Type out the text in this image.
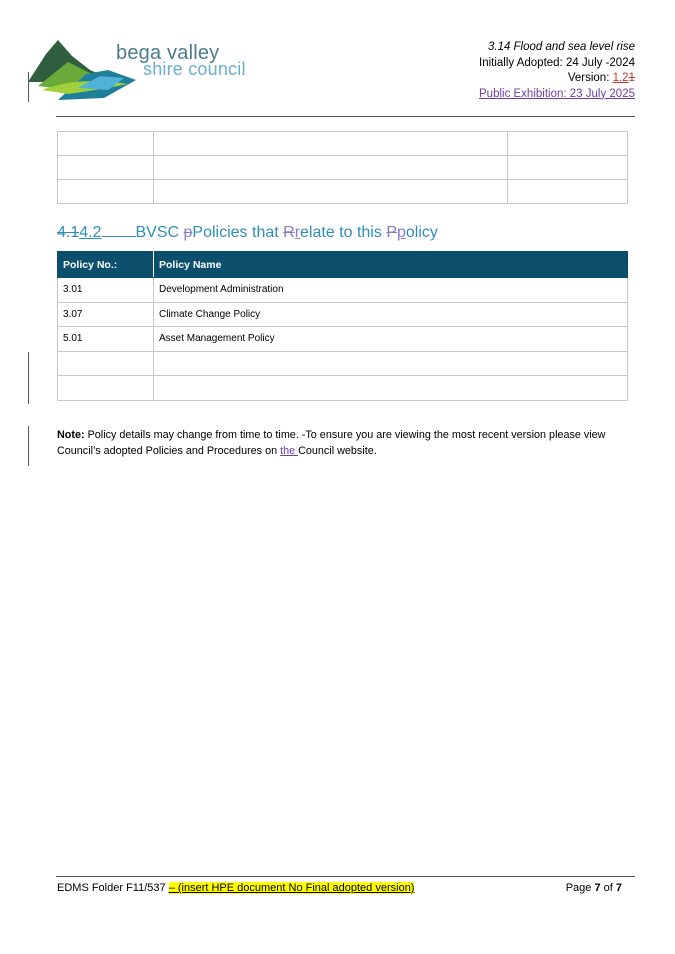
bega valley
shire council
3.14 Flood and sea level rise
Initially Adopted: 24 July -2024
Version: 1.21
Public Exhibition: 23 July 2025

4.14.2 BVSC pPolicies that Rrelate to this Ppolicy
Policy No.:	Policy Name
3.01	Development Administration
3.07	Climate Change Policy
5.01	Asset Management Policy

Note: Policy details may change from time to time. -To ensure you are viewing the most recent version please view Council’s adopted Policies and Procedures on the Council website.
EDMS Folder F11/537 – (insert HPE document No Final adopted version)	Page 7 of 7
